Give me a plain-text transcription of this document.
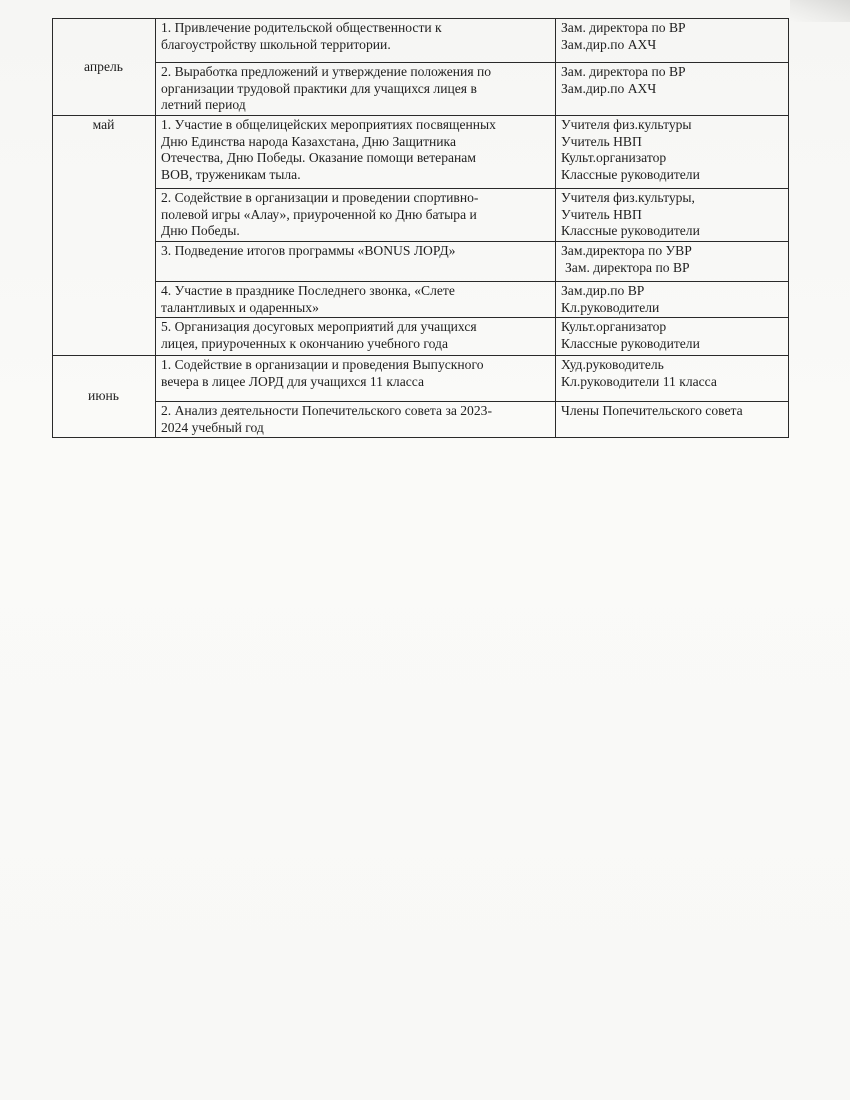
апрель	1. Привлечение родительской общественности к
благоустройству школьной территории.	Зам. директора по ВР
Зам.дир.по АХЧ

	2. Выработка предложений и утверждение положения по
организации трудовой практики для учащихся лицея в
летний период	Зам. директора по ВР
Зам.дир.по АХЧ

май	1. Участие в общелицейских мероприятиях посвященных
Дню Единства народа Казахстана, Дню Защитника
Отечества, Дню Победы. Оказание помощи ветеранам
ВОВ, труженикам тыла.	Учителя физ.культуры
Учитель НВП
Культ.организатор
Классные руководители

	2. Содействие в организации и проведении спортивно-
полевой игры «Алау», приуроченной ко Дню батыра и
Дню Победы.	Учителя физ.культуры,
Учитель НВП
Классные руководители

	3. Подведение итогов программы «BONUS ЛОРД»	Зам.директора по УВР
Зам. директора по ВР

	4. Участие в празднике Последнего звонка, «Слете
талантливых и одаренных»	Зам.дир.по ВР
Кл.руководители

	5. Организация досуговых мероприятий для учащихся
лицея, приуроченных к окончанию учебного года	Культ.организатор
Классные руководители

июнь	1. Содействие в организации и проведения Выпускного
вечера в лицее ЛОРД для учащихся 11 класса	Худ.руководитель
Кл.руководители 11 класса

	2. Анализ деятельности Попечительского совета за 2023-
2024 учебный год	Члены Попечительского совета
